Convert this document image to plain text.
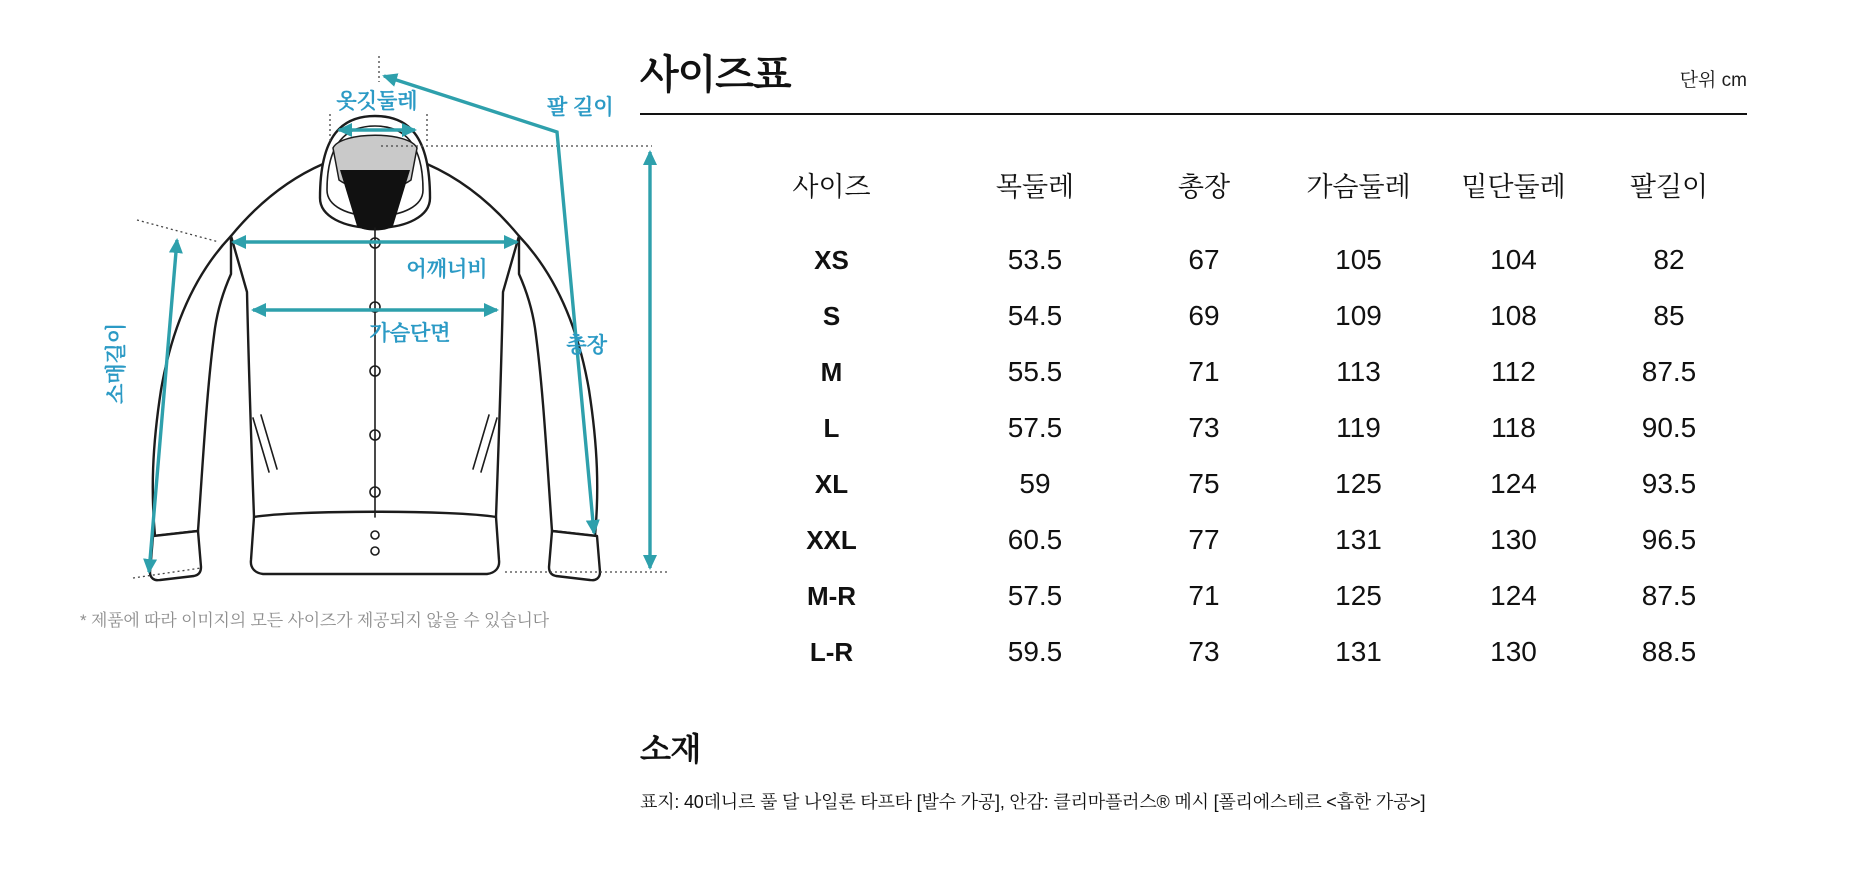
옷깃둘레	팔 길이
어깨너비
가슴단면
소매길이	총장
* 제품에 따라 이미지의 모든 사이즈가 제공되지 않을 수 있습니다
사이즈표	단위 cm
사이즈	목둘레	총장	가슴둘레	밑단둘레	팔길이
XS	53.5	67	105	104	82
S	54.5	69	109	108	85
M	55.5	71	113	112	87.5
L	57.5	73	119	118	90.5
XL	59	75	125	124	93.5
XXL	60.5	77	131	130	96.5
M-R	57.5	71	125	124	87.5
L-R	59.5	73	131	130	88.5
소재
표지: 40데니르 풀 달 나일론 타프타 [발수 가공], 안감: 클리마플러스® 메시 [폴리에스테르 <흡한 가공>]
